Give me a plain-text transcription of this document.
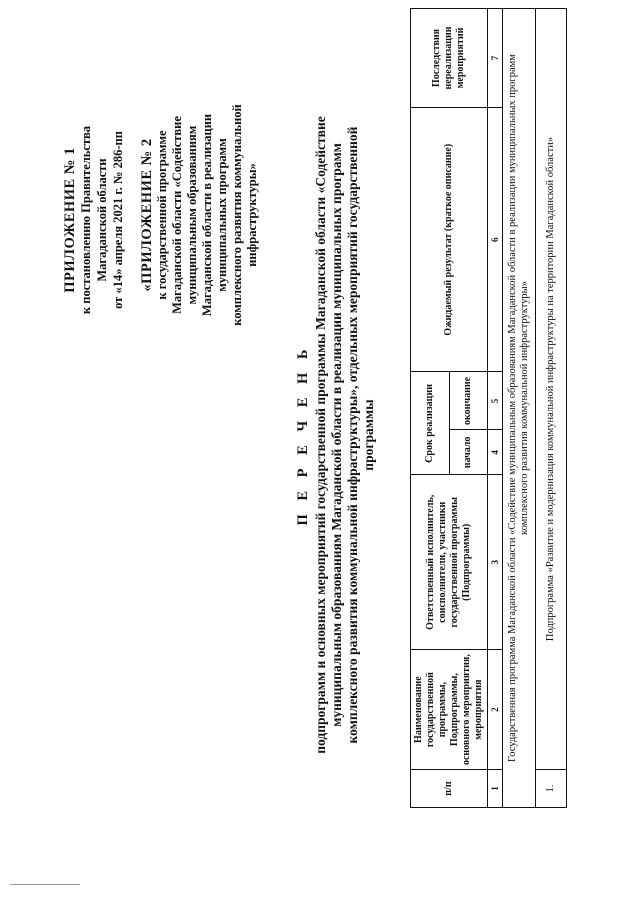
ПРИЛОЖЕНИЕ № 1 к постановлению Правительства Магаданской области от «14» апреля 2021 г. № 286-пп «ПРИЛОЖЕНИЕ № 2 к государственной программе Магаданской области «Содействие муниципальным образованиям Магаданской области в реализации муниципальных программ комплексного развития коммунальной инфраструктуры»
П Е Р Е Ч Е Н Ь подпрограмм и основных мероприятий государственной программы Магаданской области «Содействие муниципальным образованиям Магаданской области в реализации муниципальных программ комплексного развития коммунальной инфраструктуры», отдельных мероприятий государственной программы
п/п	Наименование государственной программы, Подпрограммы, основного мероприятия, мероприятия	Ответственный исполнитель, соисполнители, участники государственной программы (Подпрограммы)	Срок реализации		Ожидаемый результат (краткое описание)	Последствия нереализации мероприятий
			начало	окончание		
1	2	3	4	5	6	7
Государственная программа Магаданской области «Содействие муниципальным образованиям Магаданской области в реализации муниципальных программ комплексного развития коммунальной инфраструктуры»						
1.	Подпрограмма «Развитие и модернизация коммунальной инфраструктуры на территории Магаданской области»					
